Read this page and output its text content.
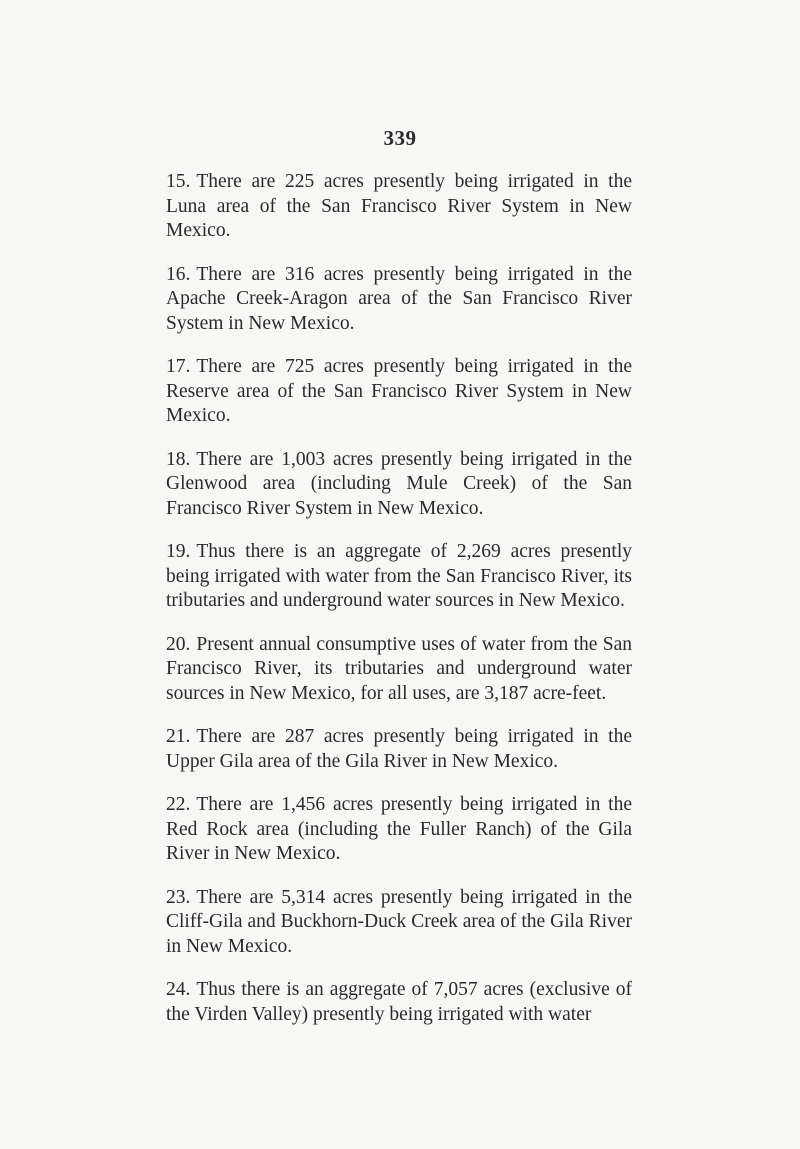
339

15. There are 225 acres presently being irrigated in the Luna area of the San Francisco River System in New Mexico.

16. There are 316 acres presently being irrigated in the Apache Creek-Aragon area of the San Francisco River System in New Mexico.

17. There are 725 acres presently being irrigated in the Reserve area of the San Francisco River System in New Mexico.

18. There are 1,003 acres presently being irrigated in the Glenwood area (including Mule Creek) of the San Francisco River System in New Mexico.

19. Thus there is an aggregate of 2,269 acres presently being irrigated with water from the San Francisco River, its tributaries and underground water sources in New Mexico.

20. Present annual consumptive uses of water from the San Francisco River, its tributaries and underground water sources in New Mexico, for all uses, are 3,187 acre-feet.

21. There are 287 acres presently being irrigated in the Upper Gila area of the Gila River in New Mexico.

22. There are 1,456 acres presently being irrigated in the Red Rock area (including the Fuller Ranch) of the Gila River in New Mexico.

23. There are 5,314 acres presently being irrigated in the Cliff-Gila and Buckhorn-Duck Creek area of the Gila River in New Mexico.

24. Thus there is an aggregate of 7,057 acres (exclusive of the Virden Valley) presently being irrigated with water
